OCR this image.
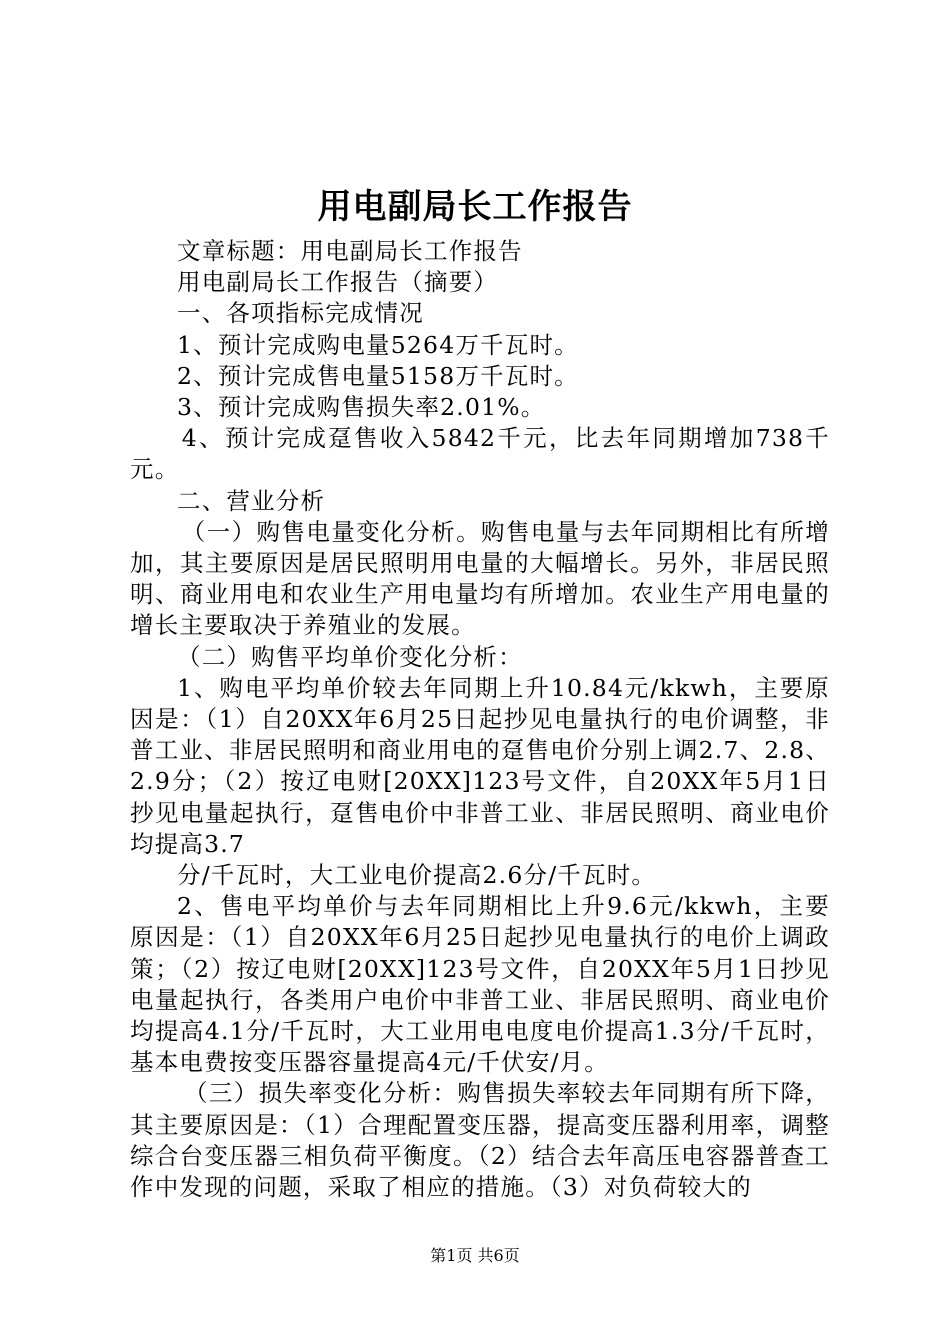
用电副局长工作报告

文章标题：用电副局长工作报告

用电副局长工作报告（摘要）

一、各项指标完成情况

1、预计完成购电量5264万千瓦时。

2、预计完成售电量5158万千瓦时。

3、预计完成购售损失率2.01%。

4、预计完成趸售收入5842千元，比去年同期增加738千元。

二、营业分析

（一）购售电量变化分析。购售电量与去年同期相比有所增加，其主要原因是居民照明用电量的大幅增长。另外，非居民照明、商业用电和农业生产用电量均有所增加。农业生产用电量的增长主要取决于养殖业的发展。

（二）购售平均单价变化分析：

1、购电平均单价较去年同期上升10.84元/kkwh，主要原因是：（1）自20XX年6月25日起抄见电量执行的电价调整，非普工业、非居民照明和商业用电的趸售电价分别上调2.7、2.8、2.9分；（2）按辽电财[20XX]123号文件，自20XX年5月1日抄见电量起执行，趸售电价中非普工业、非居民照明、商业电价均提高3.7

分/千瓦时，大工业电价提高2.6分/千瓦时。

2、售电平均单价与去年同期相比上升9.6元/kkwh，主要原因是：（1）自20XX年6月25日起抄见电量执行的电价上调政策；（2）按辽电财[20XX]123号文件，自20XX年5月1日抄见电量起执行，各类用户电价中非普工业、非居民照明、商业电价均提高4.1分/千瓦时，大工业用电电度电价提高1.3分/千瓦时，基本电费按变压器容量提高4元/千伏安/月。

（三）损失率变化分析：购售损失率较去年同期有所下降，其主要原因是：（1）合理配置变压器，提高变压器利用率，调整综合台变压器三相负荷平衡度。（2）结合去年高压电容器普查工作中发现的问题，采取了相应的措施。（3）对负荷较大的

第1页 共6页
